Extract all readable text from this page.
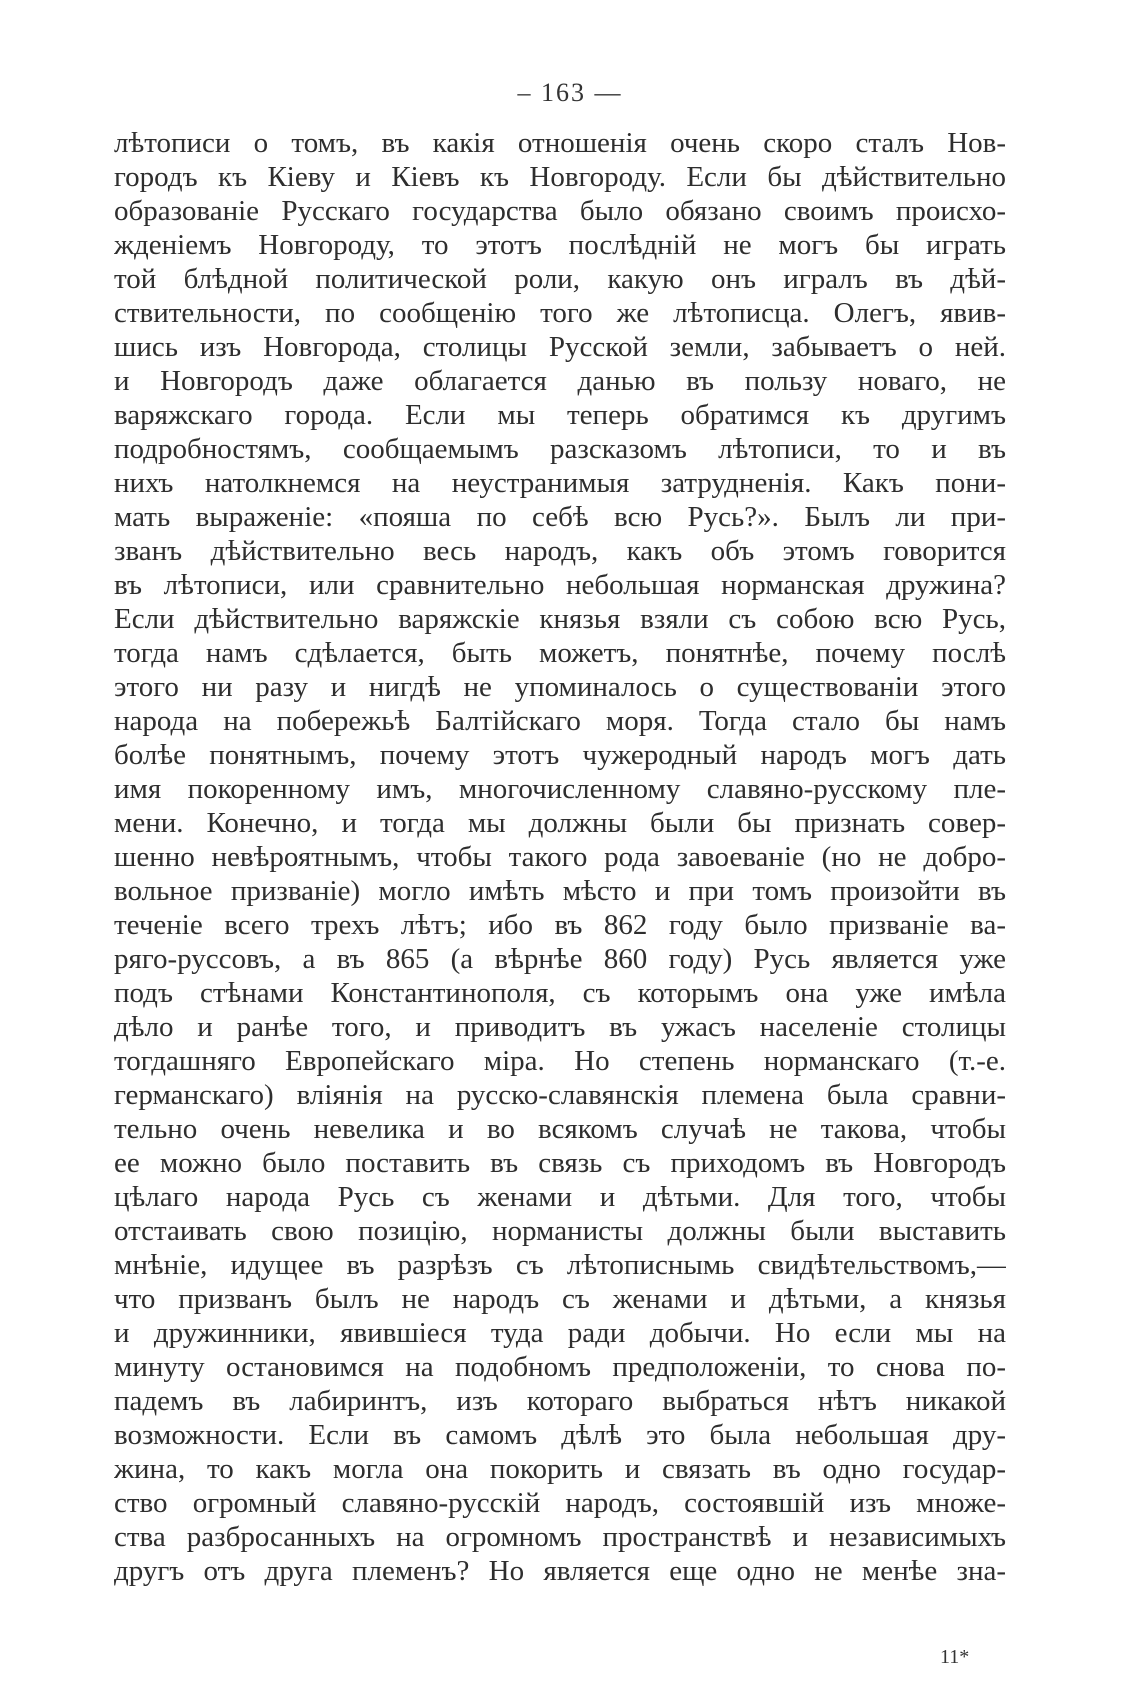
– 163 —
лѣтописи о томъ, въ какія отношенія очень скоро сталъ Нов-
городъ къ Кіеву и Кіевъ къ Новгороду. Если бы дѣйствительно
образованіе Русскаго государства было обязано своимъ происхо-
жденіемъ Новгороду, то этотъ послѣдній не могъ бы играть
той блѣдной политической роли, какую онъ игралъ въ дѣй-
ствительности, по сообщенію того же лѣтописца. Олегъ, явив-
шись изъ Новгорода, столицы Русской земли, забываетъ о ней.
и Новгородъ даже облагается данью въ пользу новаго, не
варяжскаго города. Если мы теперь обратимся къ другимъ
подробностямъ, сообщаемымъ разсказомъ лѣтописи, то и въ
нихъ натолкнемся на неустранимыя затрудненія. Какъ пони-
мать выраженіе: «пояша по себѣ всю Русь?». Былъ ли при-
званъ дѣйствительно весь народъ, какъ объ этомъ говорится
въ лѣтописи, или сравнительно небольшая норманская дружина?
Если дѣйствительно варяжскіе князья взяли съ собою всю Русь,
тогда намъ сдѣлается, быть можетъ, понятнѣе, почему послѣ
этого ни разу и нигдѣ не упоминалось о существованіи этого
народа на побережьѣ Балтійскаго моря. Тогда стало бы намъ
болѣе понятнымъ, почему этотъ чужеродный народъ могъ дать
имя покоренному имъ, многочисленному славяно-русскому пле-
мени. Конечно, и тогда мы должны были бы признать совер-
шенно невѣроятнымъ, чтобы такого рода завоеваніе (но не добро-
вольное призваніе) могло имѣть мѣсто и при томъ произойти въ
теченіе всего трехъ лѣтъ; ибо въ 862 году было призваніе ва-
ряго-руссовъ, а въ 865 (а вѣрнѣе 860 году) Русь является уже
подъ стѣнами Константинополя, съ которымъ она уже имѣла
дѣло и ранѣе того, и приводитъ въ ужасъ населеніе столицы
тогдашняго Европейскаго міра. Но степень норманскаго (т.-е.
германскаго) вліянія на русско-славянскія племена была сравни-
тельно очень невелика и во всякомъ случаѣ не такова, чтобы
ее можно было поставить въ связь съ приходомъ въ Новгородъ
цѣлаго народа Русь съ женами и дѣтьми. Для того, чтобы
отстаивать свою позицію, норманисты должны были выставить
мнѣніе, идущее въ разрѣзъ съ лѣтописнымь свидѣтельствомъ,—
что призванъ былъ не народъ съ женами и дѣтьми, а князья
и дружинники, явившіеся туда ради добычи. Но если мы на
минуту остановимся на подобномъ предположеніи, то снова по-
падемъ въ лабиринтъ, изъ котораго выбраться нѣтъ никакой
возможности. Если въ самомъ дѣлѣ это была небольшая дру-
жина, то какъ могла она покорить и связать въ одно государ-
ство огромный славяно-русскій народъ, состоявшій изъ множе-
ства разбросанныхъ на огромномъ пространствѣ и независимыхъ
другъ отъ друга племенъ? Но является еще одно не менѣе зна-
11*
